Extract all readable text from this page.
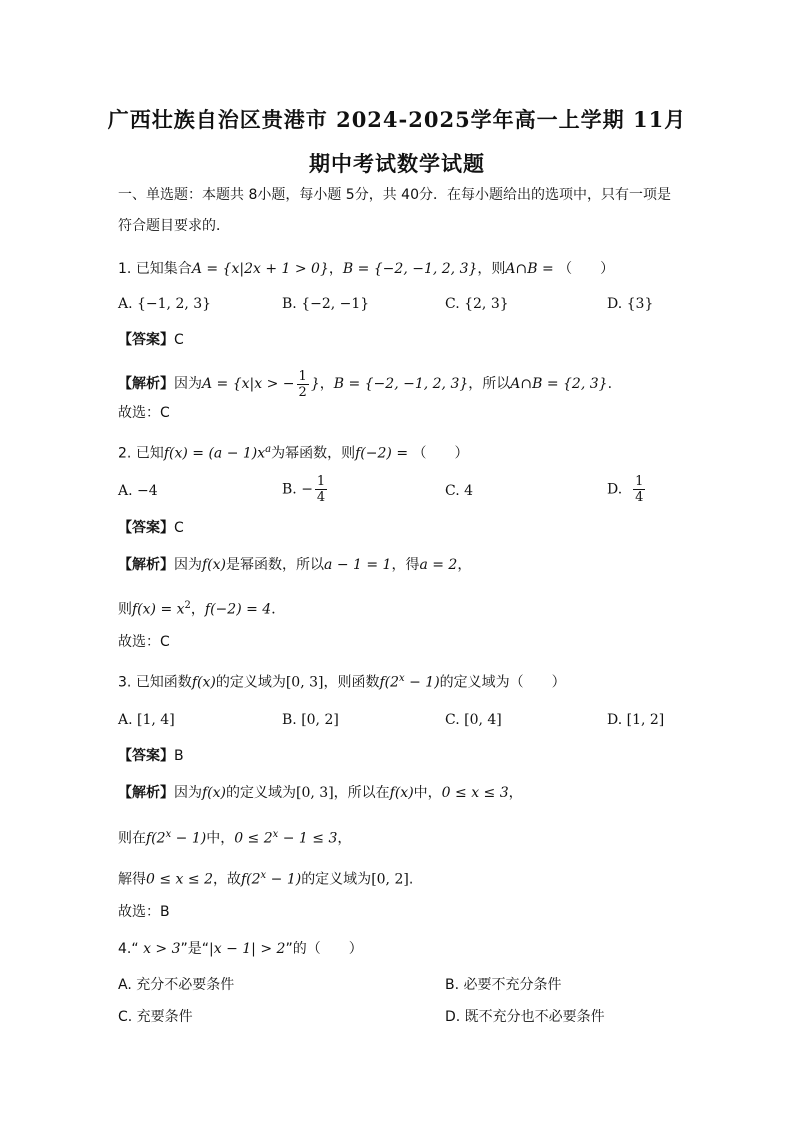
广西壮族自治区贵港市 2024-2025学年高一上学期 11月
期中考试数学试题
一、单选题：本题共 8小题，每小题 5分，共 40分．在每小题给出的选项中，只有一项是
符合题目要求的．
1. 已知集合A = {x|2x + 1 > 0}，B = {−2, −1, 2, 3}，则A∩B = （　　）
A. {−1, 2, 3}	B. {−2, −1}	C. {2, 3}	D. {3}
【答案】C
【解析】因为A = {x|x > − $\frac{1}{2}$ }，B = {−2, −1, 2, 3}，所以A∩B = {2, 3}.
故选：C
2. 已知$f(x) = (a - 1)x^a$为幂函数，则f(−2) = （　　）
A. −4	B. − $\frac{1}{4}$	C. 4	D. $\frac{1}{4}$
【答案】C
【解析】因为f(x)是幂函数，所以a − 1 = 1，得a = 2，
则$f(x) = x^2$，f(−2) = 4．
故选：C
3. 已知函数f(x)的定义域为[0, 3]，则函数$f(2^x - 1)$的定义域为（　　）
A. [1, 4]	B. [0, 2]	C. [0, 4]	D. [1, 2]
【答案】B
【解析】因为f(x)的定义域为[0, 3]，所以在f(x)中，0 ≤ x ≤ 3，
则在$f(2^x - 1)$中，$0 \le 2^x - 1 \le 3$，
解得0 ≤ x ≤ 2，故$f(2^x - 1)$的定义域为[0, 2].
故选：B
4.“ x > 3”是“|x − 1| > 2”的（　　）
A. 充分不必要条件	B. 必要不充分条件
C. 充要条件	D. 既不充分也不必要条件
